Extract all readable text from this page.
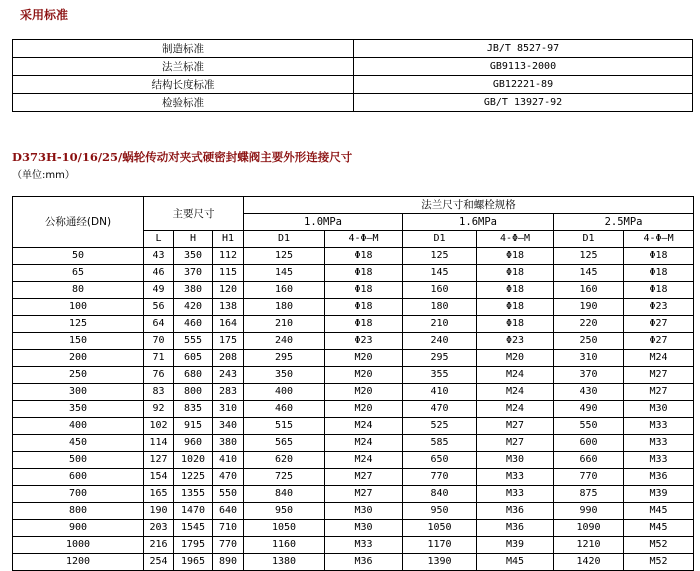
采用标准
制造标准	JB/T 8527-97
法兰标准	GB9113-2000
结构长度标准	GB12221-89
检验标准	GB/T 13927-92
D373H-10/16/25/蜗轮传动对夹式硬密封蝶阀主要外形连接尺寸
（单位:mm）
公称通经(DN)	主要尺寸			法兰尺寸和螺栓规格					
				1.0MPa		1.6MPa		2.5MPa	
	L	H	H1	D1	4-Φ—M	D1	4-Φ—M	D1	4-Φ—M
50	43	350	112	125	Φ18	125	Φ18	125	Φ18
65	46	370	115	145	Φ18	145	Φ18	145	Φ18
80	49	380	120	160	Φ18	160	Φ18	160	Φ18
100	56	420	138	180	Φ18	180	Φ18	190	Φ23
125	64	460	164	210	Φ18	210	Φ18	220	Φ27
150	70	555	175	240	Φ23	240	Φ23	250	Φ27
200	71	605	208	295	M20	295	M20	310	M24
250	76	680	243	350	M20	355	M24	370	M27
300	83	800	283	400	M20	410	M24	430	M27
350	92	835	310	460	M20	470	M24	490	M30
400	102	915	340	515	M24	525	M27	550	M33
450	114	960	380	565	M24	585	M27	600	M33
500	127	1020	410	620	M24	650	M30	660	M33
600	154	1225	470	725	M27	770	M33	770	M36
700	165	1355	550	840	M27	840	M33	875	M39
800	190	1470	640	950	M30	950	M36	990	M45
900	203	1545	710	1050	M30	1050	M36	1090	M45
1000	216	1795	770	1160	M33	1170	M39	1210	M52
1200	254	1965	890	1380	M36	1390	M45	1420	M52
